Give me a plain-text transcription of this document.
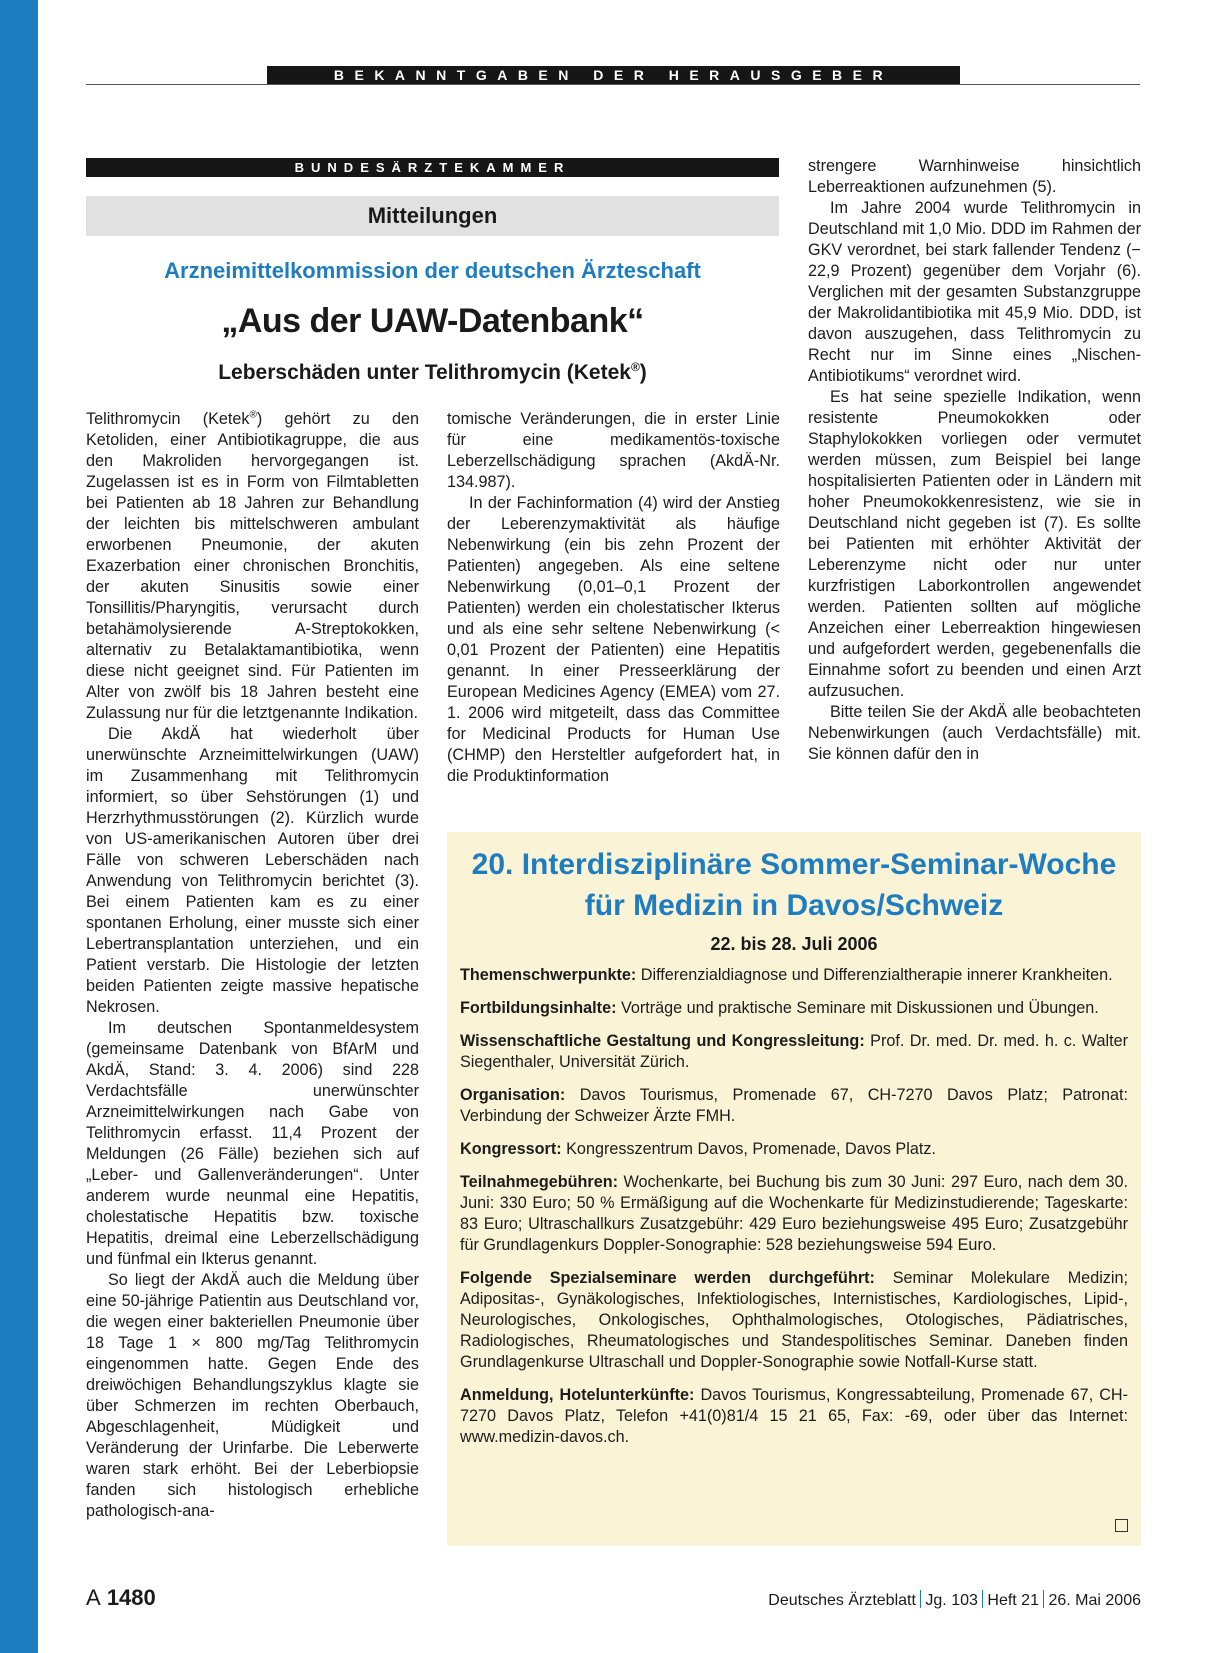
BEKANNTGABEN DER HERAUSGEBER
BUNDESÄRZTEKAMMER
Mitteilungen
Arzneimittelkommission der deutschen Ärzteschaft
„Aus der UAW-Datenbank“
Leberschäden unter Telithromycin (Ketek®)

Telithromycin (Ketek®) gehört zu den Ketoliden, einer Antibiotikagruppe, die aus den Makroliden hervorgegangen ist. Zugelassen ist es in Form von Filmtabletten bei Patienten ab 18 Jahren zur Behandlung der leichten bis mittelschweren ambulant erworbenen Pneumonie, der akuten Exazerbation einer chronischen Bronchitis, der akuten Sinusitis sowie einer Tonsillitis/Pharyngitis, verursacht durch betahämolysierende A-Streptokokken, alternativ zu Betalaktamantibiotika, wenn diese nicht geeignet sind. Für Patienten im Alter von zwölf bis 18 Jahren besteht eine Zulassung nur für die letztgenannte Indikation.

Die AkdÄ hat wiederholt über unerwünschte Arzneimittelwirkungen (UAW) im Zusammenhang mit Telithromycin informiert, so über Sehstörungen (1) und Herzrhythmusstörungen (2). Kürzlich wurde von US-amerikanischen Autoren über drei Fälle von schweren Leberschäden nach Anwendung von Telithromycin berichtet (3). Bei einem Patienten kam es zu einer spontanen Erholung, einer musste sich einer Lebertransplantation unterziehen, und ein Patient verstarb. Die Histologie der letzten beiden Patienten zeigte massive hepatische Nekrosen.

Im deutschen Spontanmeldesystem (gemeinsame Datenbank von BfArM und AkdÄ, Stand: 3. 4. 2006) sind 228 Verdachtsfälle unerwünschter Arzneimittelwirkungen nach Gabe von Telithromycin erfasst. 11,4 Prozent der Meldungen (26 Fälle) beziehen sich auf „Leber- und Gallenveränderungen“. Unter anderem wurde neunmal eine Hepatitis, cholestatische Hepatitis bzw. toxische Hepatitis, dreimal eine Leberzellschädigung und fünfmal ein Ikterus genannt.

So liegt der AkdÄ auch die Meldung über eine 50-jährige Patientin aus Deutschland vor, die wegen einer bakteriellen Pneumonie über 18 Tage 1 × 800 mg/Tag Telithromycin eingenommen hatte. Gegen Ende des dreiwöchigen Behandlungszyklus klagte sie über Schmerzen im rechten Oberbauch, Abgeschlagenheit, Müdigkeit und Veränderung der Urinfarbe. Die Leberwerte waren stark erhöht. Bei der Leberbiopsie fanden sich histologisch erhebliche pathologisch-ana-

tomische Veränderungen, die in erster Linie für eine medikamentös-toxische Leberzellschädigung sprachen (AkdÄ-Nr. 134.987).

In der Fachinformation (4) wird der Anstieg der Leberenzymaktivität als häufige Nebenwirkung (ein bis zehn Prozent der Patienten) angegeben. Als eine seltene Nebenwirkung (0,01–0,1 Prozent der Patienten) werden ein cholestatischer Ikterus und als eine sehr seltene Nebenwirkung (< 0,01 Prozent der Patienten) eine Hepatitis genannt. In einer Presseerklärung der European Medicines Agency (EMEA) vom 27. 1. 2006 wird mitgeteilt, dass das Committee for Medicinal Products for Human Use (CHMP) den Hersteltler aufgefordert hat, in die Produktinformation

strengere Warnhinweise hinsichtlich Leberreaktionen aufzunehmen (5).

Im Jahre 2004 wurde Telithromycin in Deutschland mit 1,0 Mio. DDD im Rahmen der GKV verordnet, bei stark fallender Tendenz (− 22,9 Prozent) gegenüber dem Vorjahr (6). Verglichen mit der gesamten Substanzgruppe der Makrolidantibiotika mit 45,9 Mio. DDD, ist davon auszugehen, dass Telithromycin zu Recht nur im Sinne eines „Nischen-Antibiotikums“ verordnet wird.

Es hat seine spezielle Indikation, wenn resistente Pneumokokken oder Staphylokokken vorliegen oder vermutet werden müssen, zum Beispiel bei lange hospitalisierten Patienten oder in Ländern mit hoher Pneumokokkenresistenz, wie sie in Deutschland nicht gegeben ist (7). Es sollte bei Patienten mit erhöhter Aktivität der Leberenzyme nicht oder nur unter kurzfristigen Laborkontrollen angewendet werden. Patienten sollten auf mögliche Anzeichen einer Leberreaktion hingewiesen und aufgefordert werden, gegebenenfalls die Einnahme sofort zu beenden und einen Arzt aufzusuchen.

Bitte teilen Sie der AkdÄ alle beobachteten Nebenwirkungen (auch Verdachtsfälle) mit. Sie können dafür den in

20. Interdisziplinäre Sommer-Seminar-Woche
für Medizin in Davos/Schweiz
22. bis 28. Juli 2006

Themenschwerpunkte: Differenzialdiagnose und Differenzialtherapie innerer Krankheiten.

Fortbildungsinhalte: Vorträge und praktische Seminare mit Diskussionen und Übungen.

Wissenschaftliche Gestaltung und Kongressleitung: Prof. Dr. med. Dr. med. h. c. Walter Siegenthaler, Universität Zürich.

Organisation: Davos Tourismus, Promenade 67, CH-7270 Davos Platz; Patronat: Verbindung der Schweizer Ärzte FMH.

Kongressort: Kongresszentrum Davos, Promenade, Davos Platz.

Teilnahmegebühren: Wochenkarte, bei Buchung bis zum 30 Juni: 297 Euro, nach dem 30. Juni: 330 Euro; 50 % Ermäßigung auf die Wochenkarte für Medizinstudierende; Tageskarte: 83 Euro; Ultraschallkurs Zusatzgebühr: 429 Euro beziehungsweise 495 Euro; Zusatzgebühr für Grundlagenkurs Doppler-Sonographie: 528 beziehungsweise 594 Euro.

Folgende Spezialseminare werden durchgeführt: Seminar Molekulare Medizin; Adipositas-, Gynäkologisches, Infektiologisches, Internistisches, Kardiologisches, Lipid-, Neurologisches, Onkologisches, Ophthalmologisches, Otologisches, Pädiatrisches, Radiologisches, Rheumatologisches und Standespolitisches Seminar. Daneben finden Grundlagenkurse Ultraschall und Doppler-Sonographie sowie Notfall-Kurse statt.

Anmeldung, Hotelunterkünfte: Davos Tourismus, Kongressabteilung, Promenade 67, CH-7270 Davos Platz, Telefon +41(0)81/4 15 21 65, Fax: -69, oder über das Internet: www.medizin-davos.ch.

A 1480	Deutsches Ärzteblatt Jg. 103 Heft 21 26. Mai 2006
